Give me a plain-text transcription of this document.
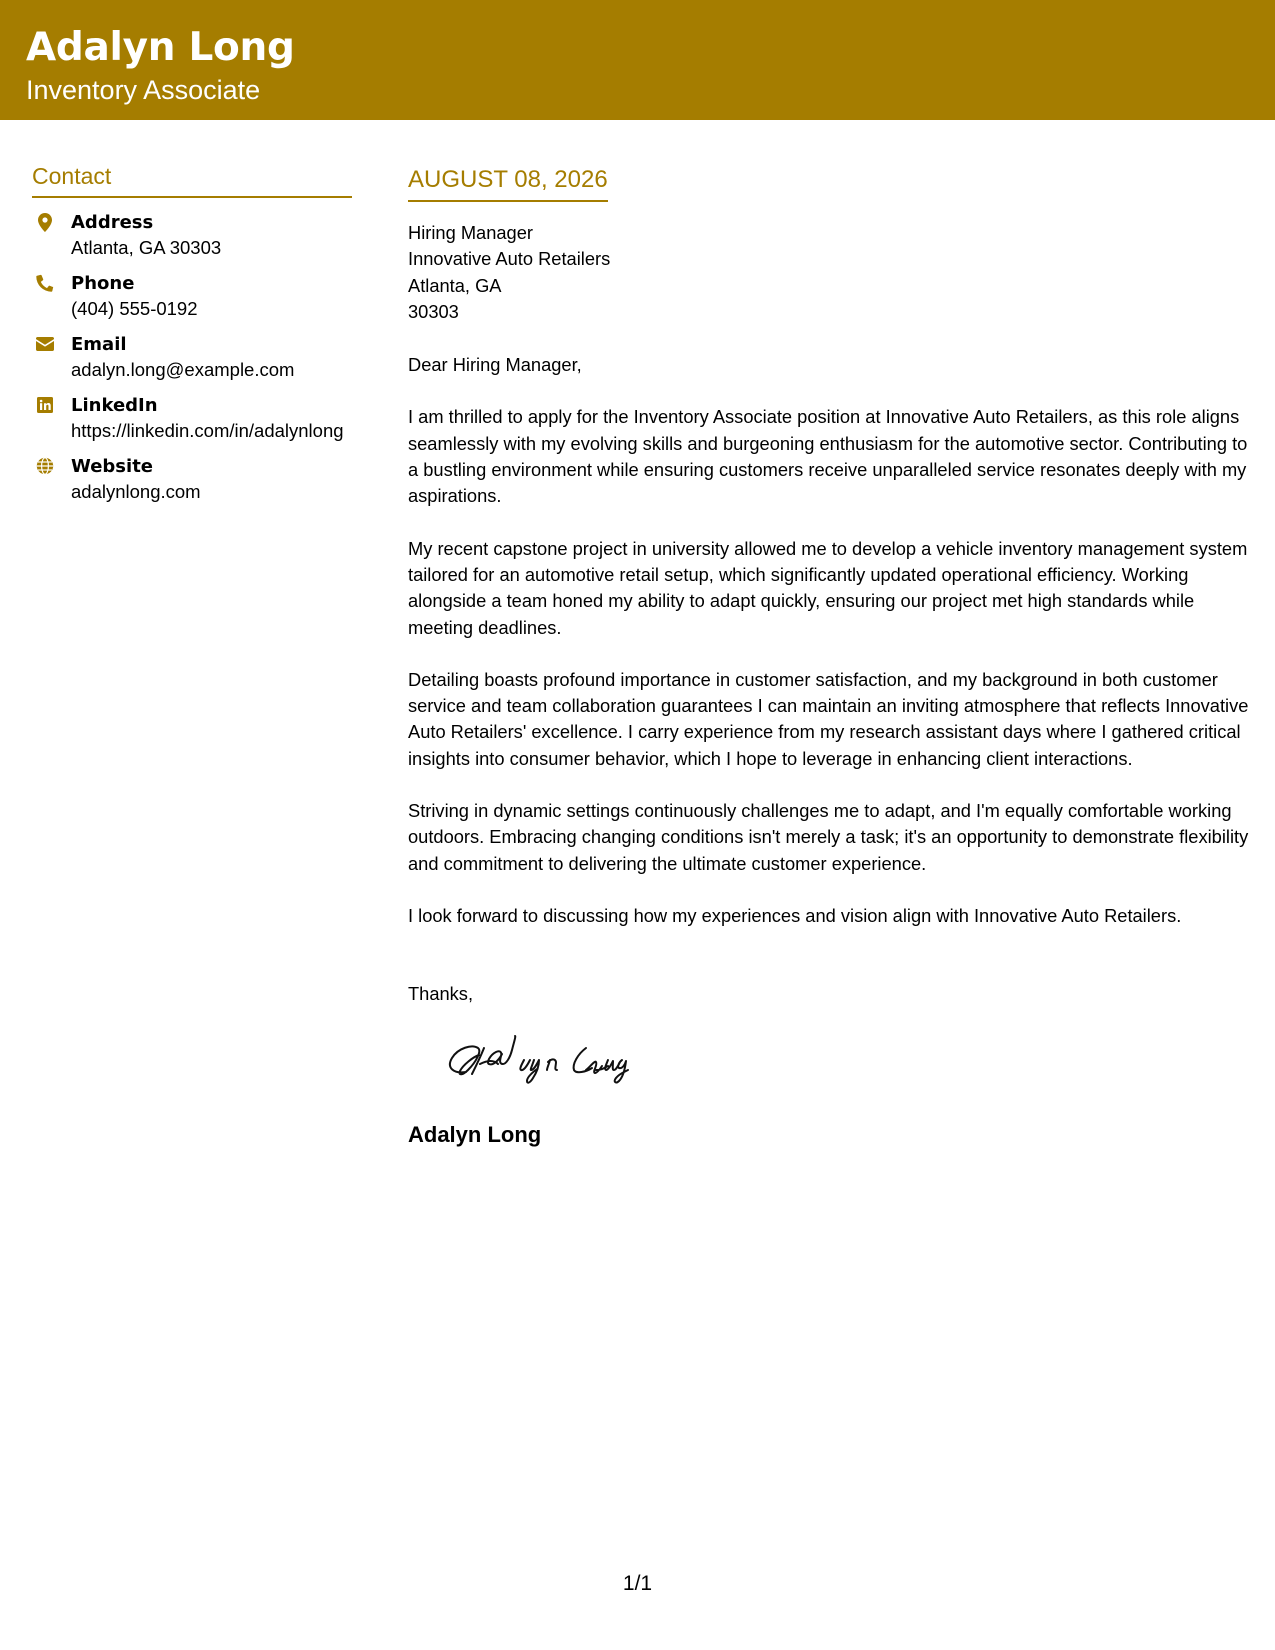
Adalyn Long
Inventory Associate
Contact
Address
Atlanta, GA 30303
Phone
(404) 555-0192
Email
adalyn.long@example.com
LinkedIn
https://linkedin.com/in/adalynlong
Website
adalynlong.com
AUGUST 08, 2026
Hiring Manager
Innovative Auto Retailers
Atlanta, GA
30303
Dear Hiring Manager,

I am thrilled to apply for the Inventory Associate position at Innovative Auto Retailers, as this role aligns seamlessly with my evolving skills and burgeoning enthusiasm for the automotive sector. Contributing to a bustling environment while ensuring customers receive unparalleled service resonates deeply with my aspirations.

My recent capstone project in university allowed me to develop a vehicle inventory management system tailored for an automotive retail setup, which significantly updated operational efficiency. Working alongside a team honed my ability to adapt quickly, ensuring our project met high standards while meeting deadlines.

Detailing boasts profound importance in customer satisfaction, and my background in both customer service and team collaboration guarantees I can maintain an inviting atmosphere that reflects Innovative Auto Retailers' excellence. I carry experience from my research assistant days where I gathered critical insights into consumer behavior, which I hope to leverage in enhancing client interactions.

Striving in dynamic settings continuously challenges me to adapt, and I'm equally comfortable working outdoors. Embracing changing conditions isn't merely a task; it's an opportunity to demonstrate flexibility and commitment to delivering the ultimate customer experience.

I look forward to discussing how my experiences and vision align with Innovative Auto Retailers.

Thanks,
Adalyn Long
1/1
